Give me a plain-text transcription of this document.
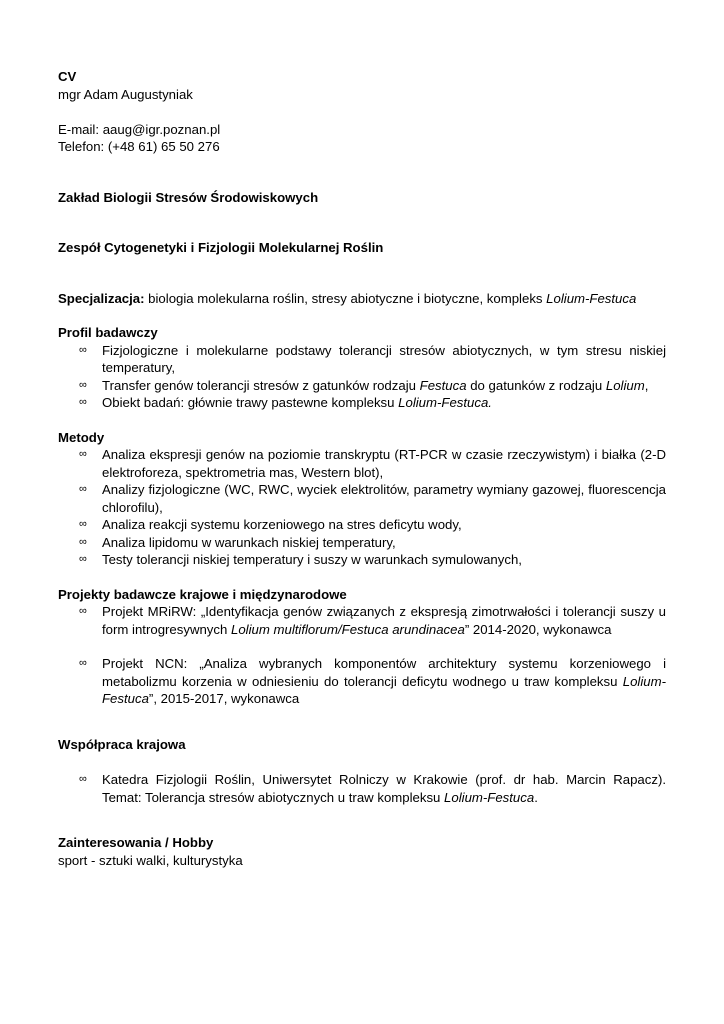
CV
mgr Adam Augustyniak
E-mail: aaug@igr.poznan.pl
Telefon: (+48 61) 65 50 276
Zakład Biologii Stresów Środowiskowych
Zespół Cytogenetyki i Fizjologii Molekularnej Roślin
Specjalizacja: biologia molekularna roślin, stresy abiotyczne i biotyczne, kompleks Lolium-Festuca
Profil badawczy
∞	Fizjologiczne i molekularne podstawy tolerancji stresów abiotycznych, w tym stresu niskiej temperatury,
∞	Transfer genów tolerancji stresów z gatunków rodzaju Festuca do gatunków z rodzaju Lolium,
∞	Obiekt badań: głównie trawy pastewne kompleksu Lolium-Festuca.
Metody
∞	Analiza ekspresji genów na poziomie transkryptu (RT-PCR w czasie rzeczywistym) i białka (2-D elektroforeza, spektrometria mas, Western blot),
∞	Analizy fizjologiczne (WC, RWC, wyciek elektrolitów, parametry wymiany gazowej, fluorescencja chlorofilu),
∞	Analiza reakcji systemu korzeniowego na stres deficytu wody,
∞	Analiza lipidomu w warunkach niskiej temperatury,
∞	Testy tolerancji niskiej temperatury i suszy w warunkach symulowanych,
Projekty badawcze krajowe i międzynarodowe
∞	Projekt MRiRW: „Identyfikacja genów związanych z ekspresją zimotrwałości i tolerancji suszy u form introgresywnych Lolium multiflorum/Festuca arundinacea” 2014-2020, wykonawca
∞	Projekt NCN: „Analiza wybranych komponentów architektury systemu korzeniowego i metabolizmu korzenia w odniesieniu do tolerancji deficytu wodnego u traw kompleksu Lolium-Festuca”, 2015-2017, wykonawca
Współpraca krajowa
∞	Katedra Fizjologii Roślin, Uniwersytet Rolniczy w Krakowie (prof. dr hab. Marcin Rapacz). Temat: Tolerancja stresów abiotycznych u traw kompleksu Lolium-Festuca.
Zainteresowania / Hobby
sport - sztuki walki, kulturystyka
